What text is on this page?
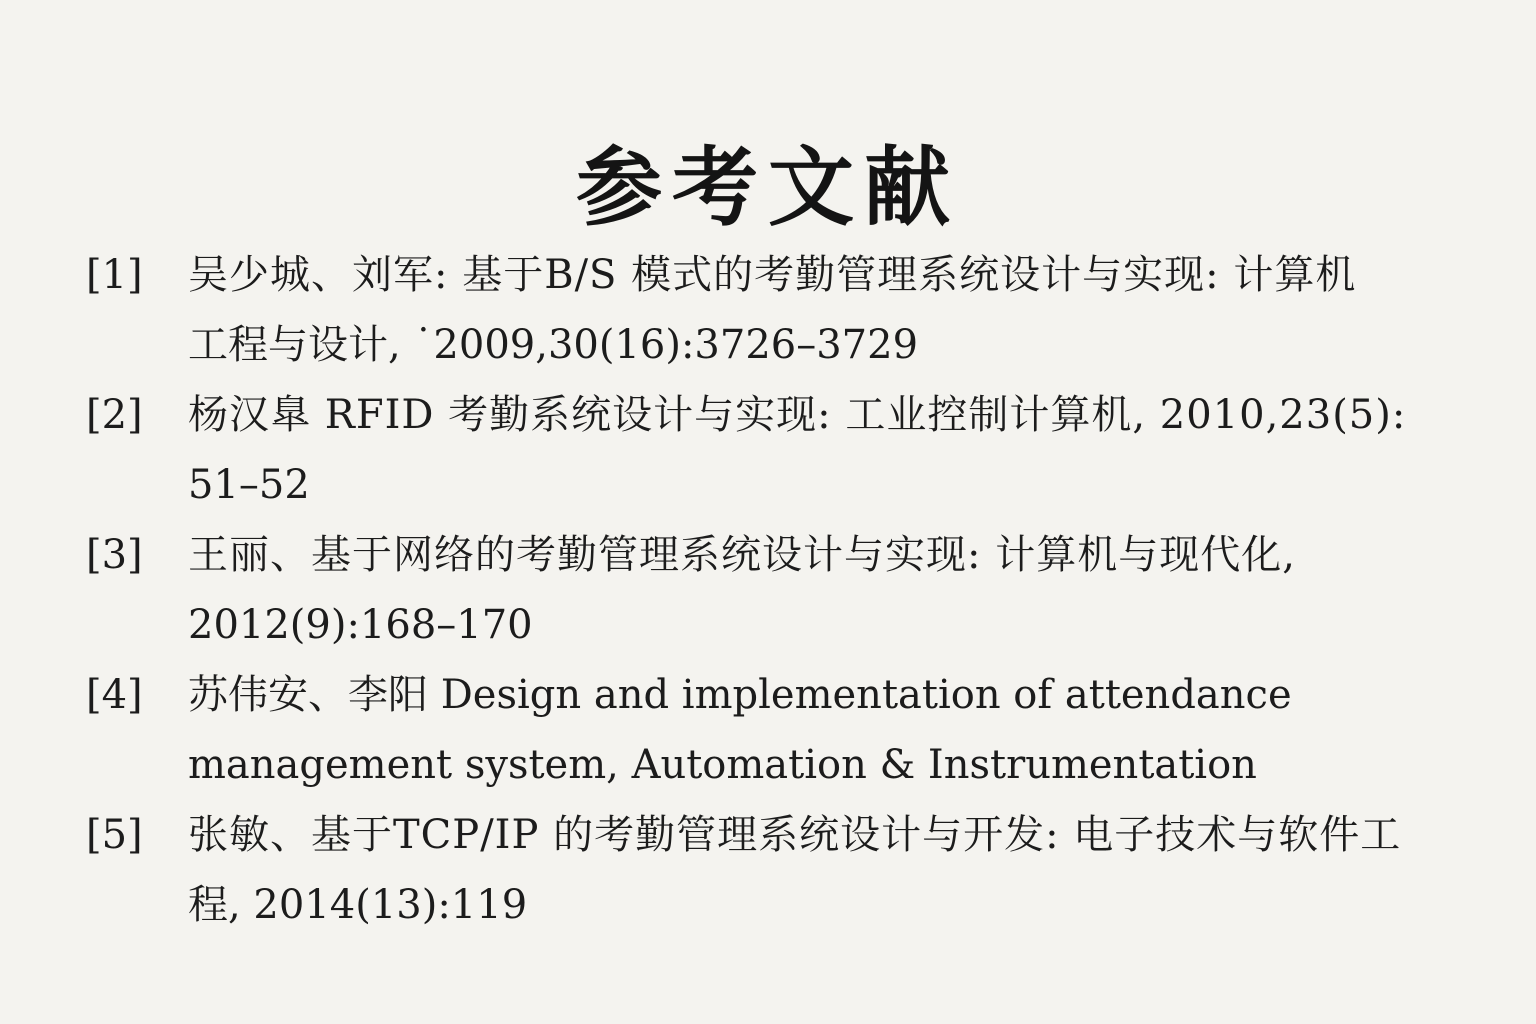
参考文献
[1]	吴少城、刘军: 基于B/S 模式的考勤管理系统设计与实现: 计算机
工程与设计, ˙2009,30(16):3726–3729
[2]	杨汉臯 RFID 考勤系统设计与实现: 工业控制计算机, 2010,23(5):
51–52
[3]	王丽、基于网络的考勤管理系统设计与实现: 计算机与现代化,
2012(9):168–170
[4]	苏伟安、李阳 Design and implementation of attendance
management system, Automation & Instrumentation
[5]	张敏、基于TCP/IP 的考勤管理系统设计与开发: 电子技术与软件工
程, 2014(13):119
